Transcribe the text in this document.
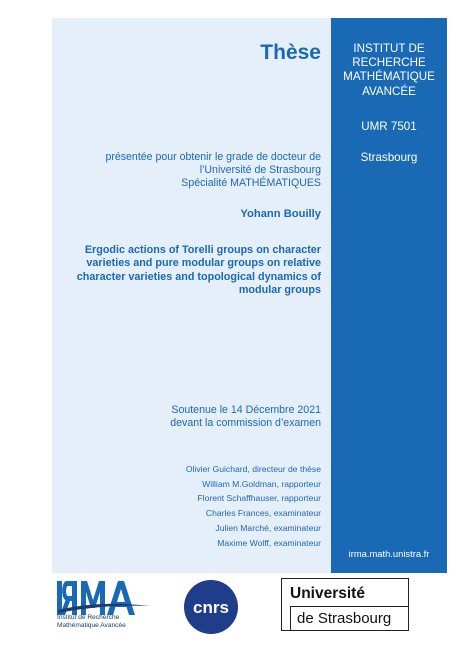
Thèse
présentée pour obtenir le grade de docteur de
l’Université de Strasbourg
Spécialité MATHÉMATIQUES
Yohann Bouilly
Ergodic actions of Torelli groups on character
varieties and pure modular groups on relative
character varieties and topological dynamics of
modular groups
Soutenue le 14 Décembre 2021
devant la commission d’examen
Olivier Guichard, directeur de thèse
William M.Goldman, rapporteur
Florent Schaffhauser, rapporteur
Charles Frances, examinateur
Julien Marché, examinateur
Maxime Wolff, examinateur
INSTITUT DE
RECHERCHE
MATHÉMATIQUE
AVANCÉE
UMR 7501
Strasbourg
irma.math.unistra.fr
Institut de Recherche
Mathématique Avancée
cnrs
Université
de Strasbourg
